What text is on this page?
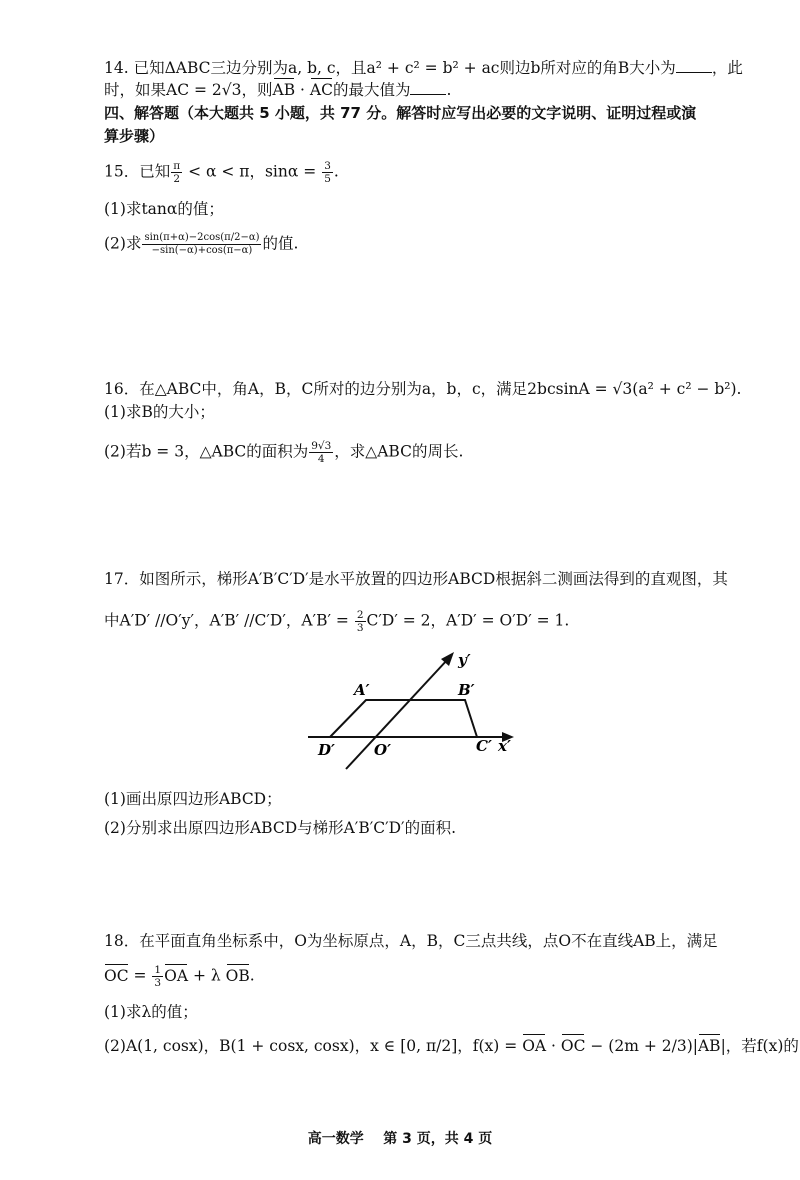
14. 已知ΔABC三边分别为a, b, c，且a² + c² = b² + ac则边b所对应的角B大小为 ，此
时，如果AC = 2√3，则AB · AC的最大值为 .
四、解答题（本大题共 5 小题，共 77 分。解答时应写出必要的文字说明、证明过程或演
算步骤）
15．已知 $\frac{\pi}{2} < \alpha < \pi$，$\sin\alpha = \frac{3}{5}$ .
(1)求tanα的值；
(2)求 $\frac{\sin(\pi+\alpha)-2\cos(\pi/2-\alpha)}{-\sin(-\alpha)+\cos(\pi-\alpha)}$ 的值.
16．在△ABC中，角A，B，C所对的边分别为a，b，c，满足2bcsinA = √3(a² + c² − b²).
(1)求B的大小；
(2)若b = 3，△ABC的面积为 $\frac{9√3}{4}$ ，求△ABC的周长.
17．如图所示，梯形A′B′C′D′是水平放置的四边形ABCD根据斜二测画法得到的直观图，其
中A′D′ //O′y′，A′B′ //C′D′，$A'B' = \frac{2}{3} C'D' = 2$，A′D′ = O′D′ = 1.
y′
A′	B′
D′	O′	C′ x′
(1)画出原四边形ABCD；
(2)分别求出原四边形ABCD与梯形A′B′C′D′的面积.
18．在平面直角坐标系中，O为坐标原点，A，B，C三点共线，点O不在直线AB上，满足
OC = $\frac{1}{3}$ OA + λ OB.
(1)求λ的值；
(2)A(1, cosx)，B(1 + cosx, cosx)，x ∈ [0, π/2]，f(x) = OA · OC − (2m + 2/3)|AB|，若f(x)的
高一数学    第 3 页，共 4 页
